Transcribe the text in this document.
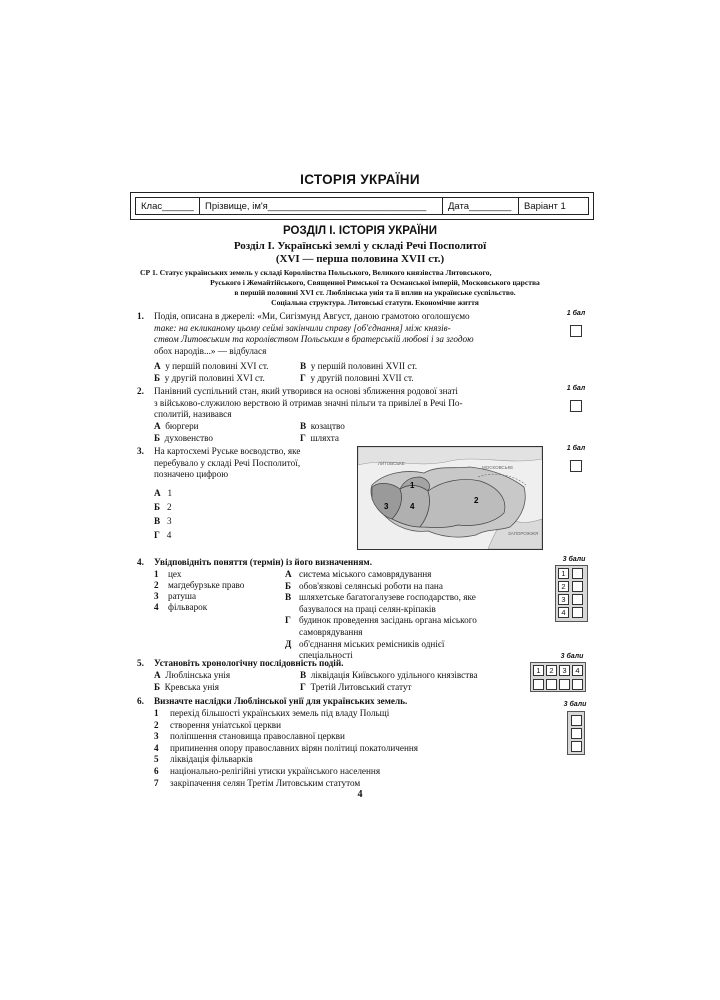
ІСТОРІЯ УКРАЇНИ
Клас______	Прізвище, ім'я______________________________	Дата________	Варіант 1
РОЗДІЛ І. ІСТОРІЯ УКРАЇНИ
Розділ І. Українські землі у складі Речі Посполитої
(XVI — перша половина XVII ст.)
СР 1. Статус українських земель у складі Королівства Польського, Великого князівства Литовського,
Руського і Жемайтійського, Священної Римської та Османської імперій, Московського царства
в першій половині XVI ст. Люблінська унія та її вплив на українське суспільство.
Соціальна структура. Литовські статути. Економічне життя
1. Подія, описана в джерелі: «Ми, Сигізмунд Август, даною грамотою оголошуємо
таке: на екликаному цьому сеймі закінчили справу [об'єднання] між князів-
ством Литовським та королівством Польським в братерській любові і за згодою
обох народів...» — відбулася
А у першій половині XVI ст.	В у першій половині XVII ст.
Б у другій половині XVI ст.	Г у другій половині XVII ст.
1 бал
2. Панівний суспільний стан, який утворився на основі зближення родової знаті
з військово-служилою верствою й отримав значні пільги та привілеї в Речі По-
сполитій, називався
А бюргери	В козацтво
Б духовенство	Г шляхта
1 бал
3. На картосхемі Руське воєводство, яке
перебувало у складі Речі Посполитої,
позначено цифрою
А 1
Б 2
В 3
Г 4
1 бал
ЛИТОВСЬКЕ
МОСКОВСЬКЕ
ЗАПОРОЖЖЯ
1
2
3	4
4. Увідповідніть поняття (термін) із його визначенням.
1 цех
2 магдебурзьке право
3 ратуша
4 фільварок
А система міського самоврядування
Б обов'язкові селянські роботи на пана
В шляхетське багатогалузеве господарство, яке
базувалося на праці селян-кріпаків
Г будинок проведення засідань органа міського
самоврядування
Д об'єднання міських ремісників однієї
спеціальності
3 бали
1
2
3
4
5. Установіть хронологічну послідовність подій.
А Люблінська унія	В ліквідація Київського удільного князівства
Б Кревська унія	Г Третій Литовський статут
3 бали
1	2	3	4
6. Визначте наслідки Люблінської унії для українських земель.
1 перехід більшості українських земель під владу Польщі
2 створення уніатської церкви
3 поліпшення становища православної церкви
4 припинення опору православних вірян політиці покатоличення
5 ліквідація фільварків
6 національно-релігійні утиски українського населення
7 закріпачення селян Третім Литовським статутом
3 бали
4
